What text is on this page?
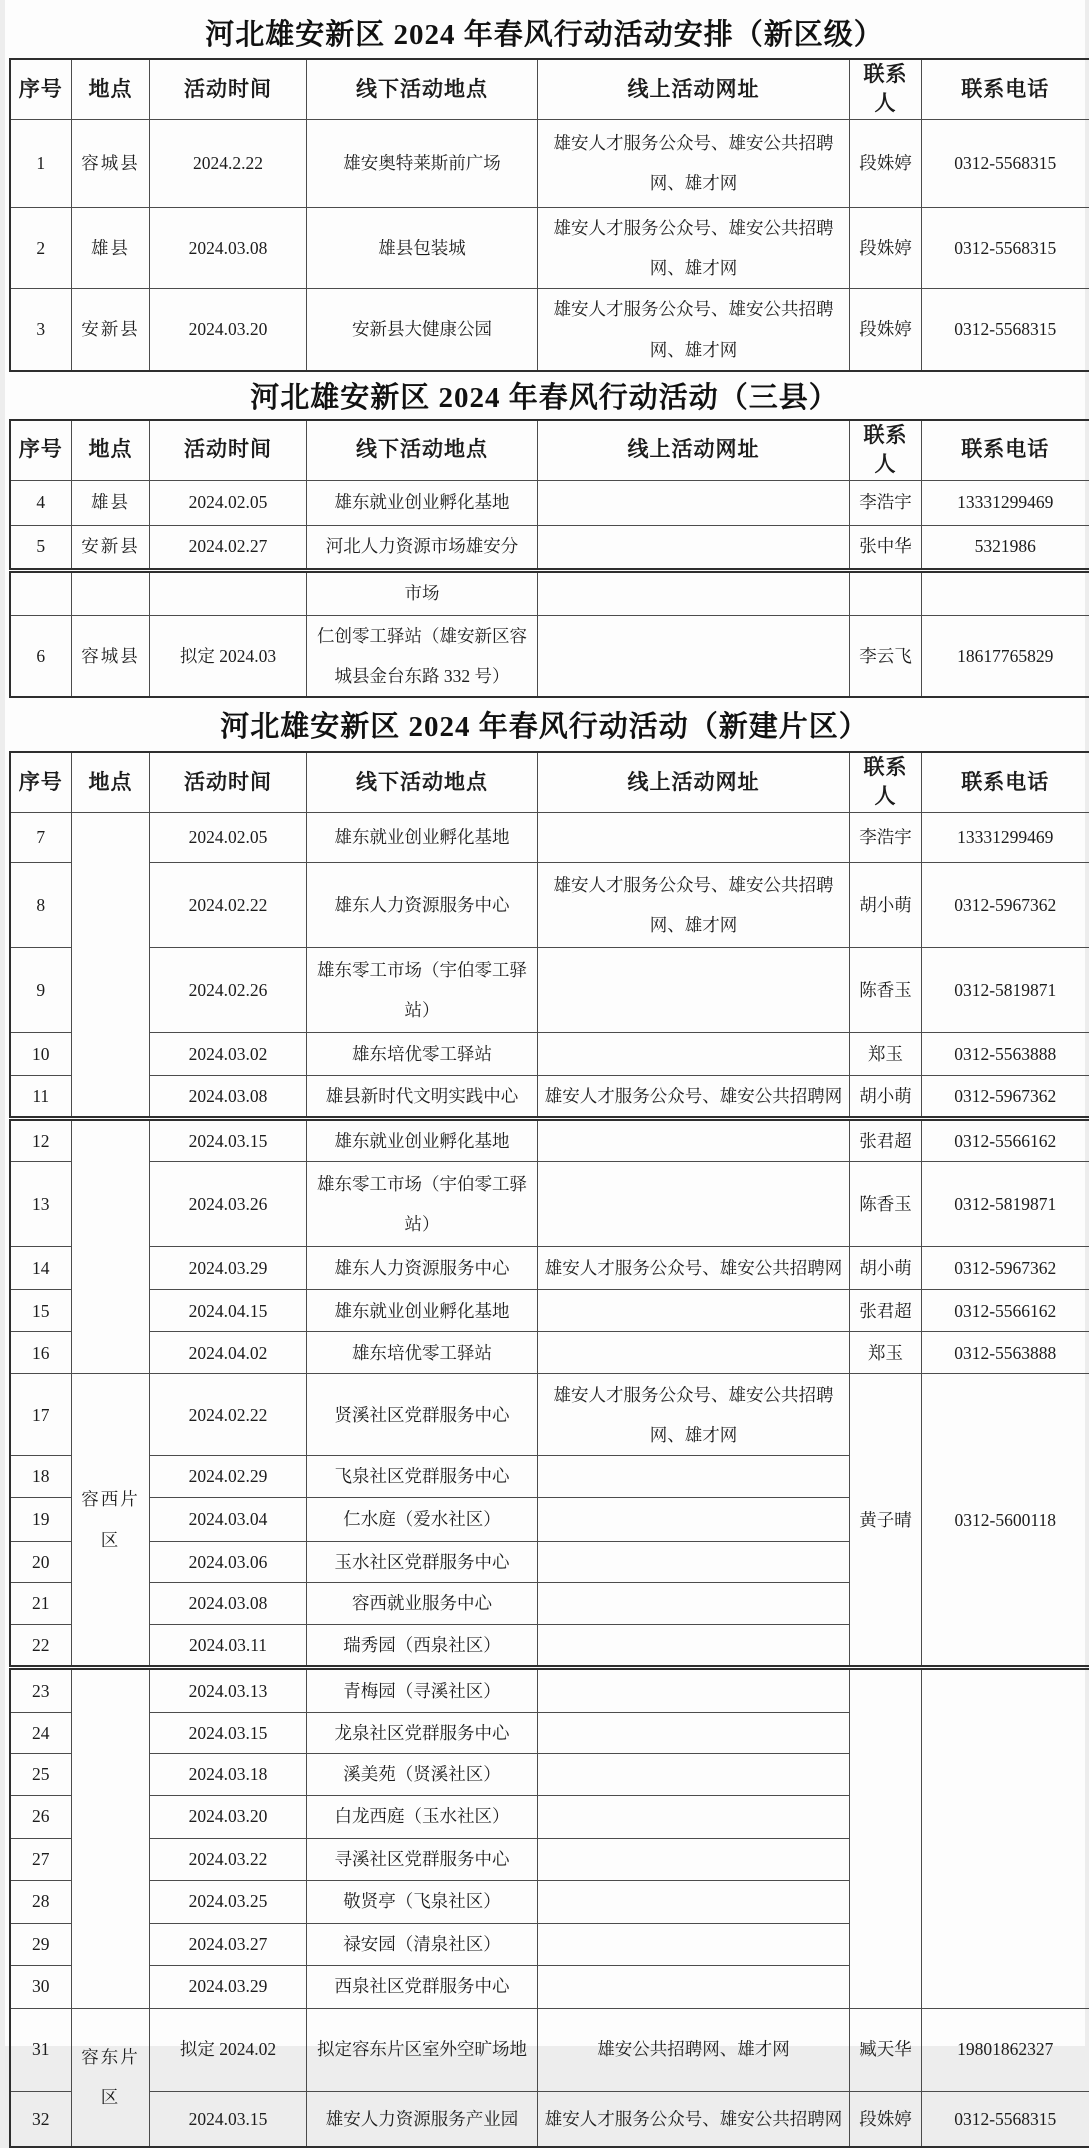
河北雄安新区 2024 年春风行动活动安排（新区级）
序号	地点	活动时间	线下活动地点	线上活动网址	联系人	联系电话
1	容城县	2024.2.22	雄安奥特莱斯前广场	雄安人才服务公众号、雄安公共招聘网、雄才网	段姝婷	0312-5568315
2	雄县	2024.03.08	雄县包装城	雄安人才服务公众号、雄安公共招聘网、雄才网	段姝婷	0312-5568315
3	安新县	2024.03.20	安新县大健康公园	雄安人才服务公众号、雄安公共招聘网、雄才网	段姝婷	0312-5568315
河北雄安新区 2024 年春风行动活动（三县）
序号	地点	活动时间	线下活动地点	线上活动网址	联系人	联系电话
4	雄县	2024.02.05	雄东就业创业孵化基地		李浩宇	13331299469
5	安新县	2024.02.27	河北人力资源市场雄安分		张中华	5321986
			市场			
6	容城县	拟定 2024.03	仁创零工驿站（雄安新区容城县金台东路 332 号）		李云飞	18617765829
河北雄安新区 2024 年春风行动活动（新建片区）
序号	地点	活动时间	线下活动地点	线上活动网址	联系人	联系电话
7		2024.02.05	雄东就业创业孵化基地		李浩宇	13331299469
8		2024.02.22	雄东人力资源服务中心	雄安人才服务公众号、雄安公共招聘网、雄才网	胡小萌	0312-5967362
9		2024.02.26	雄东零工市场（宇伯零工驿站）		陈香玉	0312-5819871
10		2024.03.02	雄东培优零工驿站		郑玉	0312-5563888
11		2024.03.08	雄县新时代文明实践中心	雄安人才服务公众号、雄安公共招聘网	胡小萌	0312-5967362
12		2024.03.15	雄东就业创业孵化基地		张君超	0312-5566162
13		2024.03.26	雄东零工市场（宇伯零工驿站）		陈香玉	0312-5819871
14		2024.03.29	雄东人力资源服务中心	雄安人才服务公众号、雄安公共招聘网	胡小萌	0312-5967362
15		2024.04.15	雄东就业创业孵化基地		张君超	0312-5566162
16		2024.04.02	雄东培优零工驿站		郑玉	0312-5563888
17	容西片区	2024.02.22	贤溪社区党群服务中心	雄安人才服务公众号、雄安公共招聘网、雄才网	黄子晴	0312-5600118
18		2024.02.29	飞泉社区党群服务中心			
19		2024.03.04	仁水庭（爱水社区）			
20		2024.03.06	玉水社区党群服务中心			
21		2024.03.08	容西就业服务中心			
22		2024.03.11	瑞秀园（西泉社区）			
23		2024.03.13	青梅园（寻溪社区）			
24		2024.03.15	龙泉社区党群服务中心			
25		2024.03.18	溪美苑（贤溪社区）			
26		2024.03.20	白龙西庭（玉水社区）			
27		2024.03.22	寻溪社区党群服务中心			
28		2024.03.25	敬贤亭（飞泉社区）			
29		2024.03.27	禄安园（清泉社区）			
30		2024.03.29	西泉社区党群服务中心			
31	容东片区	拟定 2024.02	拟定容东片区室外空旷场地	雄安公共招聘网、雄才网	臧天华	19801862327
32		2024.03.15	雄安人力资源服务产业园	雄安人才服务公众号、雄安公共招聘网	段姝婷	0312-5568315
